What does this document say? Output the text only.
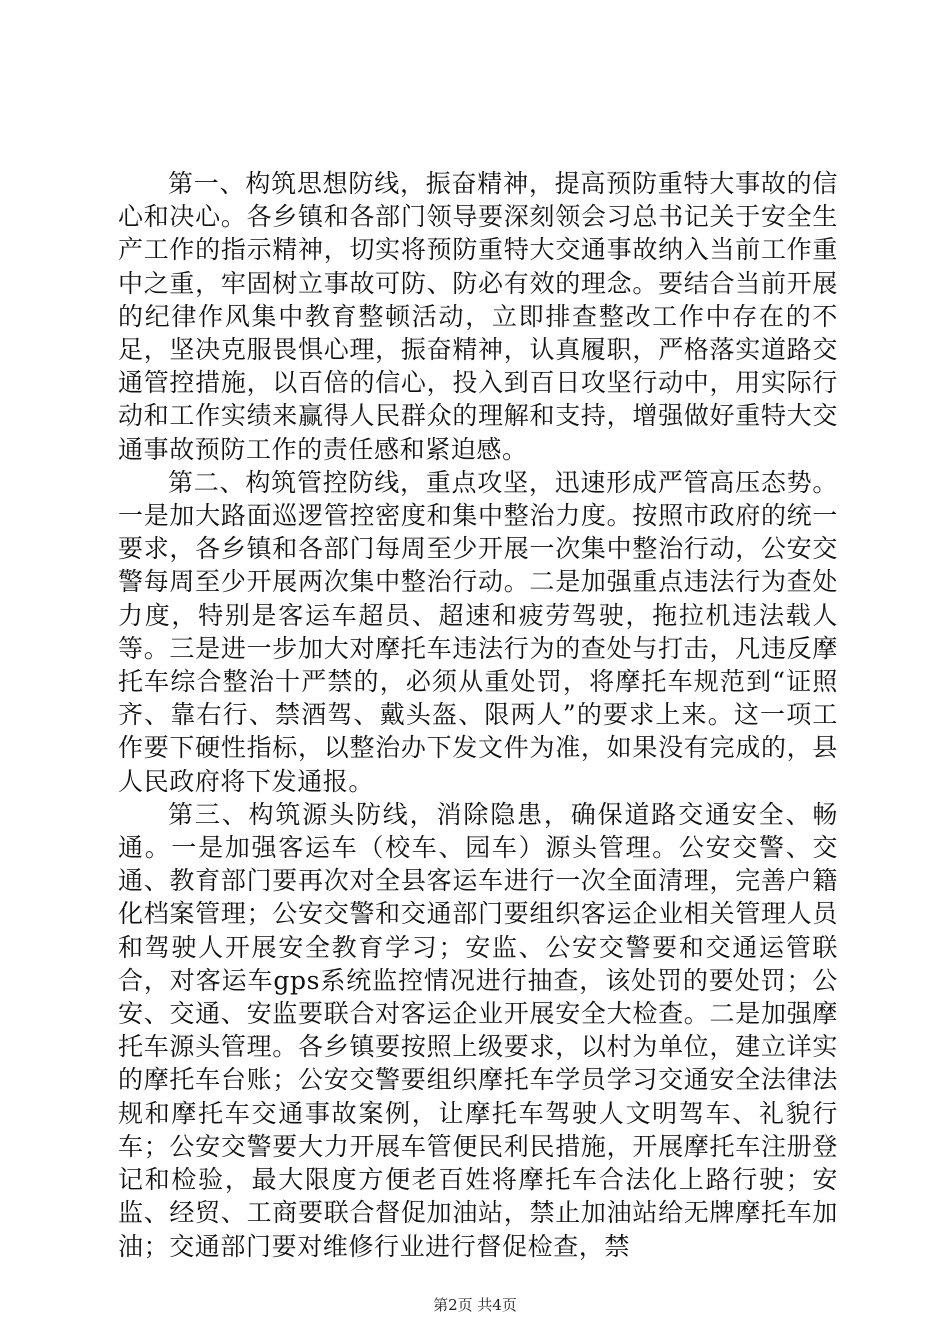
第一、构筑思想防线，振奋精神，提高预防重特大事故的信心和决心。各乡镇和各部门领导要深刻领会习总书记关于安全生产工作的指示精神，切实将预防重特大交通事故纳入当前工作重中之重，牢固树立事故可防、防必有效的理念。要结合当前开展的纪律作风集中教育整顿活动，立即排查整改工作中存在的不足，坚决克服畏惧心理，振奋精神，认真履职，严格落实道路交通管控措施，以百倍的信心，投入到百日攻坚行动中，用实际行动和工作实绩来赢得人民群众的理解和支持，增强做好重特大交通事故预防工作的责任感和紧迫感。

第二、构筑管控防线，重点攻坚，迅速形成严管高压态势。一是加大路面巡逻管控密度和集中整治力度。按照市政府的统一要求，各乡镇和各部门每周至少开展一次集中整治行动，公安交警每周至少开展两次集中整治行动。二是加强重点违法行为查处力度，特别是客运车超员、超速和疲劳驾驶，拖拉机违法载人等。三是进一步加大对摩托车违法行为的查处与打击，凡违反摩托车综合整治十严禁的，必须从重处罚，将摩托车规范到“证照齐、靠右行、禁酒驾、戴头盔、限两人”的要求上来。这一项工作要下硬性指标，以整治办下发文件为准，如果没有完成的，县人民政府将下发通报。

第三、构筑源头防线，消除隐患，确保道路交通安全、畅通。一是加强客运车（校车、园车）源头管理。公安交警、交通、教育部门要再次对全县客运车进行一次全面清理，完善户籍化档案管理；公安交警和交通部门要组织客运企业相关管理人员和驾驶人开展安全教育学习；安监、公安交警要和交通运管联合，对客运车gps系统监控情况进行抽查，该处罚的要处罚；公安、交通、安监要联合对客运企业开展安全大检查。二是加强摩托车源头管理。各乡镇要按照上级要求，以村为单位，建立详实的摩托车台账；公安交警要组织摩托车学员学习交通安全法律法规和摩托车交通事故案例，让摩托车驾驶人文明驾车、礼貌行车；公安交警要大力开展车管便民利民措施，开展摩托车注册登记和检验，最大限度方便老百姓将摩托车合法化上路行驶；安监、经贸、工商要联合督促加油站，禁止加油站给无牌摩托车加油；交通部门要对维修行业进行督促检查，禁

第2页 共4页
